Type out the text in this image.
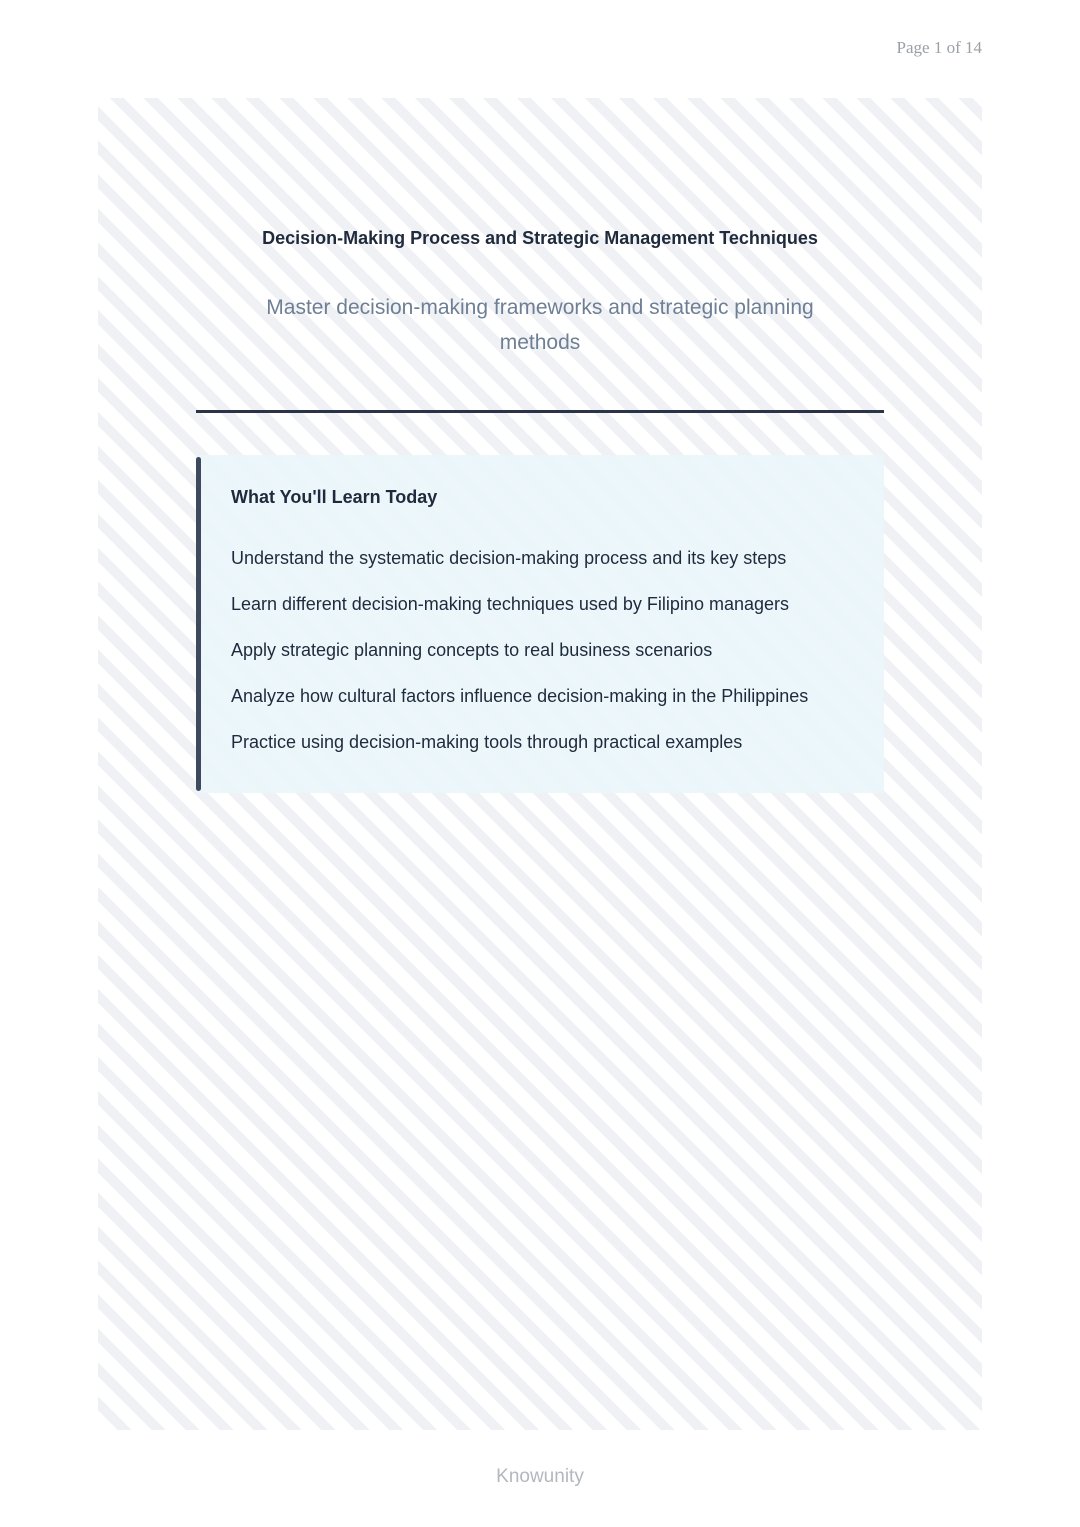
Page 1 of 14
Decision-Making Process and Strategic Management Techniques
Master decision-making frameworks and strategic planning methods
What You'll Learn Today
Understand the systematic decision-making process and its key steps
Learn different decision-making techniques used by Filipino managers
Apply strategic planning concepts to real business scenarios
Analyze how cultural factors influence decision-making in the Philippines
Practice using decision-making tools through practical examples
Knowunity
